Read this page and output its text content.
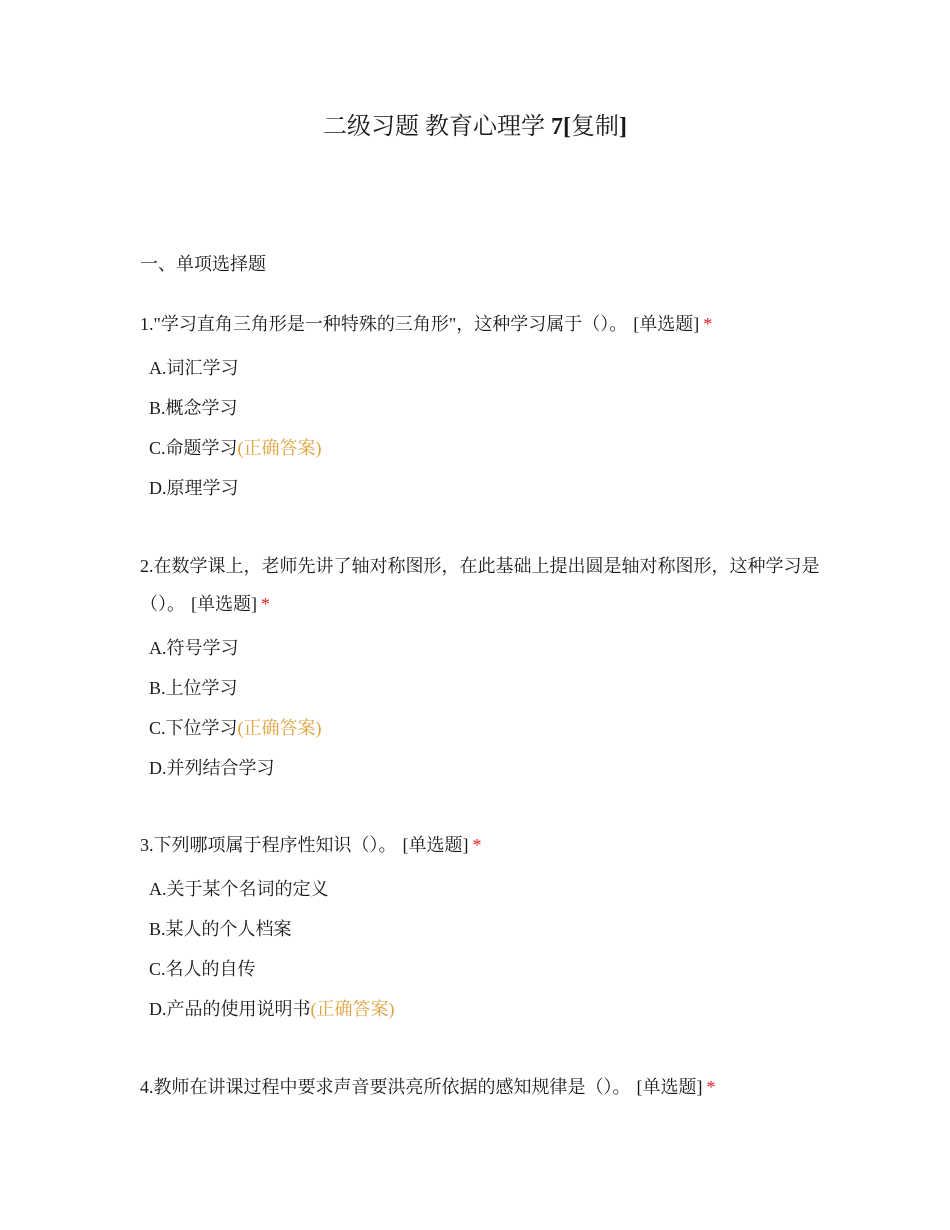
二级习题 教育心理学 7[复制]
一、单项选择题

1."学习直角三角形是一种特殊的三角形"，这种学习属于（）。 [单选题] *

A.词汇学习
B.概念学习
C.命题学习(正确答案)
D.原理学习

2.在数学课上，老师先讲了轴对称图形，在此基础上提出圆是轴对称图形，这种学习是（）。 [单选题] *

A.符号学习
B.上位学习
C.下位学习(正确答案)
D.并列结合学习

3.下列哪项属于程序性知识（）。 [单选题] *

A.关于某个名词的定义
B.某人的个人档案
C.名人的自传
D.产品的使用说明书(正确答案)

4.教师在讲课过程中要求声音要洪亮所依据的感知规律是（）。 [单选题] *
